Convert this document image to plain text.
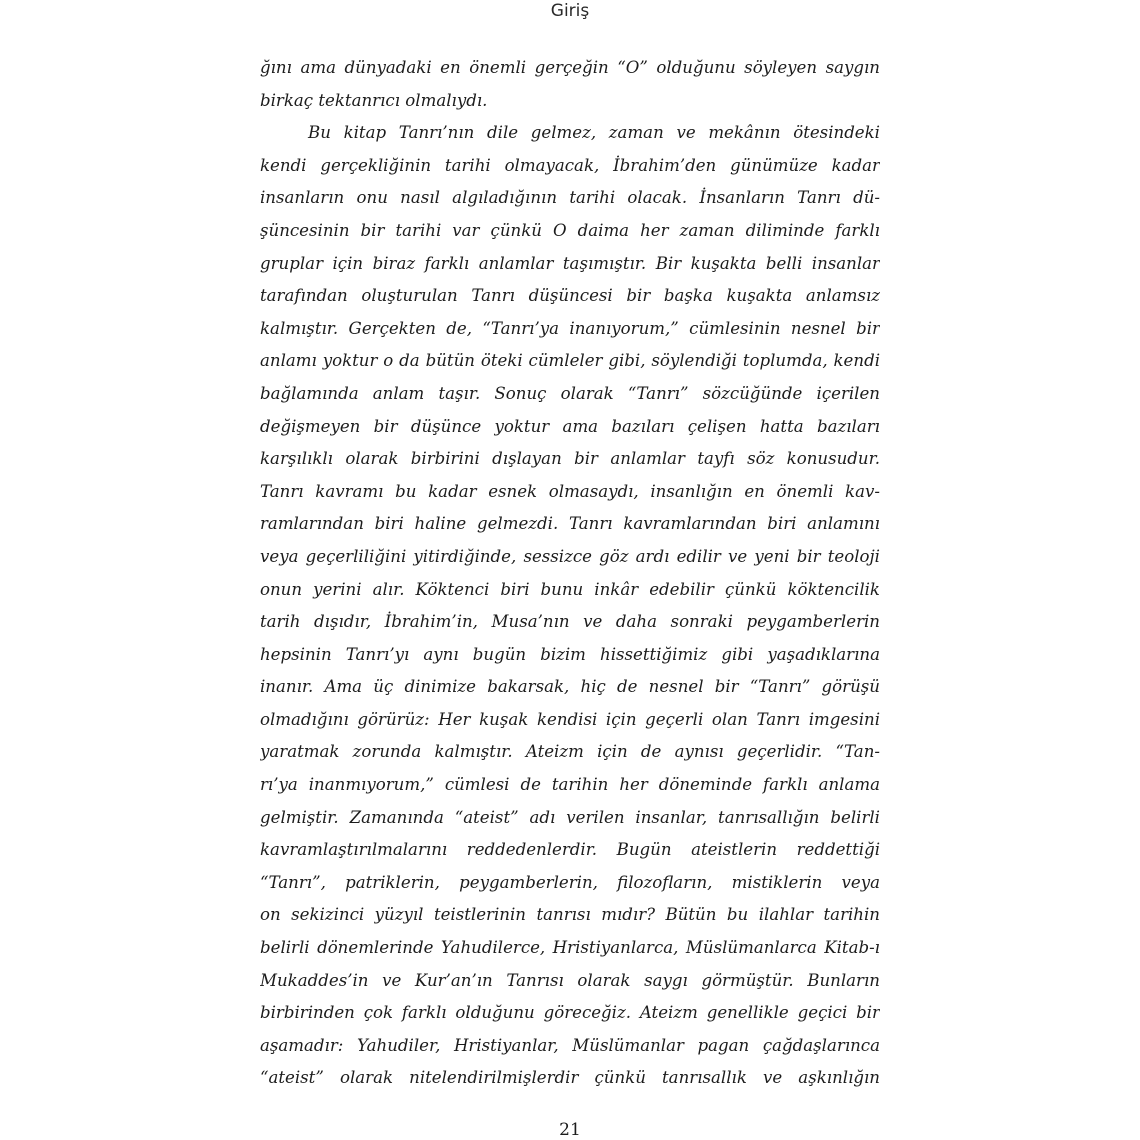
Giriş
ğını ama dünyadaki en önemli gerçeğin “O” olduğunu söyleyen saygın
birkaç tektanrıcı olmalıydı.
Bu kitap Tanrı’nın dile gelmez, zaman ve mekânın ötesindeki
kendi gerçekliğinin tarihi olmayacak, İbrahim’den günümüze kadar
insanların onu nasıl algıladığının tarihi olacak. İnsanların Tanrı dü-
şüncesinin bir tarihi var çünkü O daima her zaman diliminde farklı
gruplar için biraz farklı anlamlar taşımıştır. Bir kuşakta belli insanlar
tarafından oluşturulan Tanrı düşüncesi bir başka kuşakta anlamsız
kalmıştır. Gerçekten de, “Tanrı’ya inanıyorum,” cümlesinin nesnel bir
anlamı yoktur o da bütün öteki cümleler gibi, söylendiği toplumda, kendi
bağlamında anlam taşır. Sonuç olarak “Tanrı” sözcüğünde içerilen
değişmeyen bir düşünce yoktur ama bazıları çelişen hatta bazıları
karşılıklı olarak birbirini dışlayan bir anlamlar tayfı söz konusudur.
Tanrı kavramı bu kadar esnek olmasaydı, insanlığın en önemli kav-
ramlarından biri haline gelmezdi. Tanrı kavramlarından biri anlamını
veya geçerliliğini yitirdiğinde, sessizce göz ardı edilir ve yeni bir teoloji
onun yerini alır. Köktenci biri bunu inkâr edebilir çünkü köktencilik
tarih dışıdır, İbrahim’in, Musa’nın ve daha sonraki peygamberlerin
hepsinin Tanrı’yı aynı bugün bizim hissettiğimiz gibi yaşadıklarına
inanır. Ama üç dinimize bakarsak, hiç de nesnel bir “Tanrı” görüşü
olmadığını görürüz: Her kuşak kendisi için geçerli olan Tanrı imgesini
yaratmak zorunda kalmıştır. Ateizm için de aynısı geçerlidir. “Tan-
rı’ya inanmıyorum,” cümlesi de tarihin her döneminde farklı anlama
gelmiştir. Zamanında “ateist” adı verilen insanlar, tanrısallığın belirli
kavramlaştırılmalarını reddedenlerdir. Bugün ateistlerin reddettiği
“Tanrı”, patriklerin, peygamberlerin, filozofların, mistiklerin veya
on sekizinci yüzyıl teistlerinin tanrısı mıdır? Bütün bu ilahlar tarihin
belirli dönemlerinde Yahudilerce, Hristiyanlarca, Müslümanlarca Kitab-ı
Mukaddes’in ve Kur’an’ın Tanrısı olarak saygı görmüştür. Bunların
birbirinden çok farklı olduğunu göreceğiz. Ateizm genellikle geçici bir
aşamadır: Yahudiler, Hristiyanlar, Müslümanlar pagan çağdaşlarınca
“ateist” olarak nitelendirilmişlerdir çünkü tanrısallık ve aşkınlığın
21
